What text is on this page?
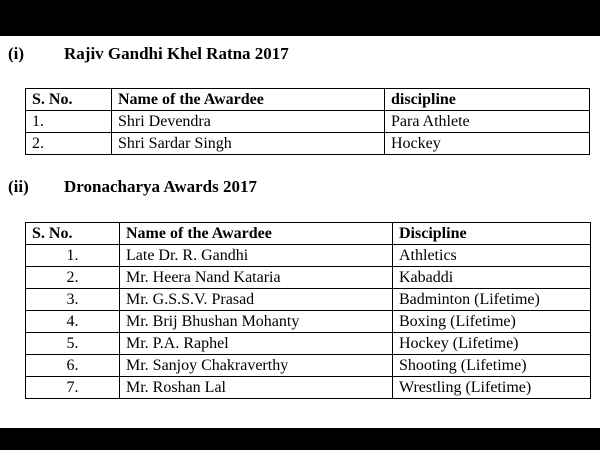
(i) Rajiv Gandhi Khel Ratna 2017
S. No.	Name of the Awardee	discipline
1.	Shri Devendra	Para Athlete
2.	Shri Sardar Singh	Hockey
(ii) Dronacharya Awards 2017
S. No.	Name of the Awardee	Discipline
1.	Late Dr. R. Gandhi	Athletics
2.	Mr. Heera Nand Kataria	Kabaddi
3.	Mr. G.S.S.V. Prasad	Badminton (Lifetime)
4.	Mr. Brij Bhushan Mohanty	Boxing (Lifetime)
5.	Mr. P.A. Raphel	Hockey (Lifetime)
6.	Mr. Sanjoy Chakraverthy	Shooting (Lifetime)
7.	Mr. Roshan Lal	Wrestling (Lifetime)
